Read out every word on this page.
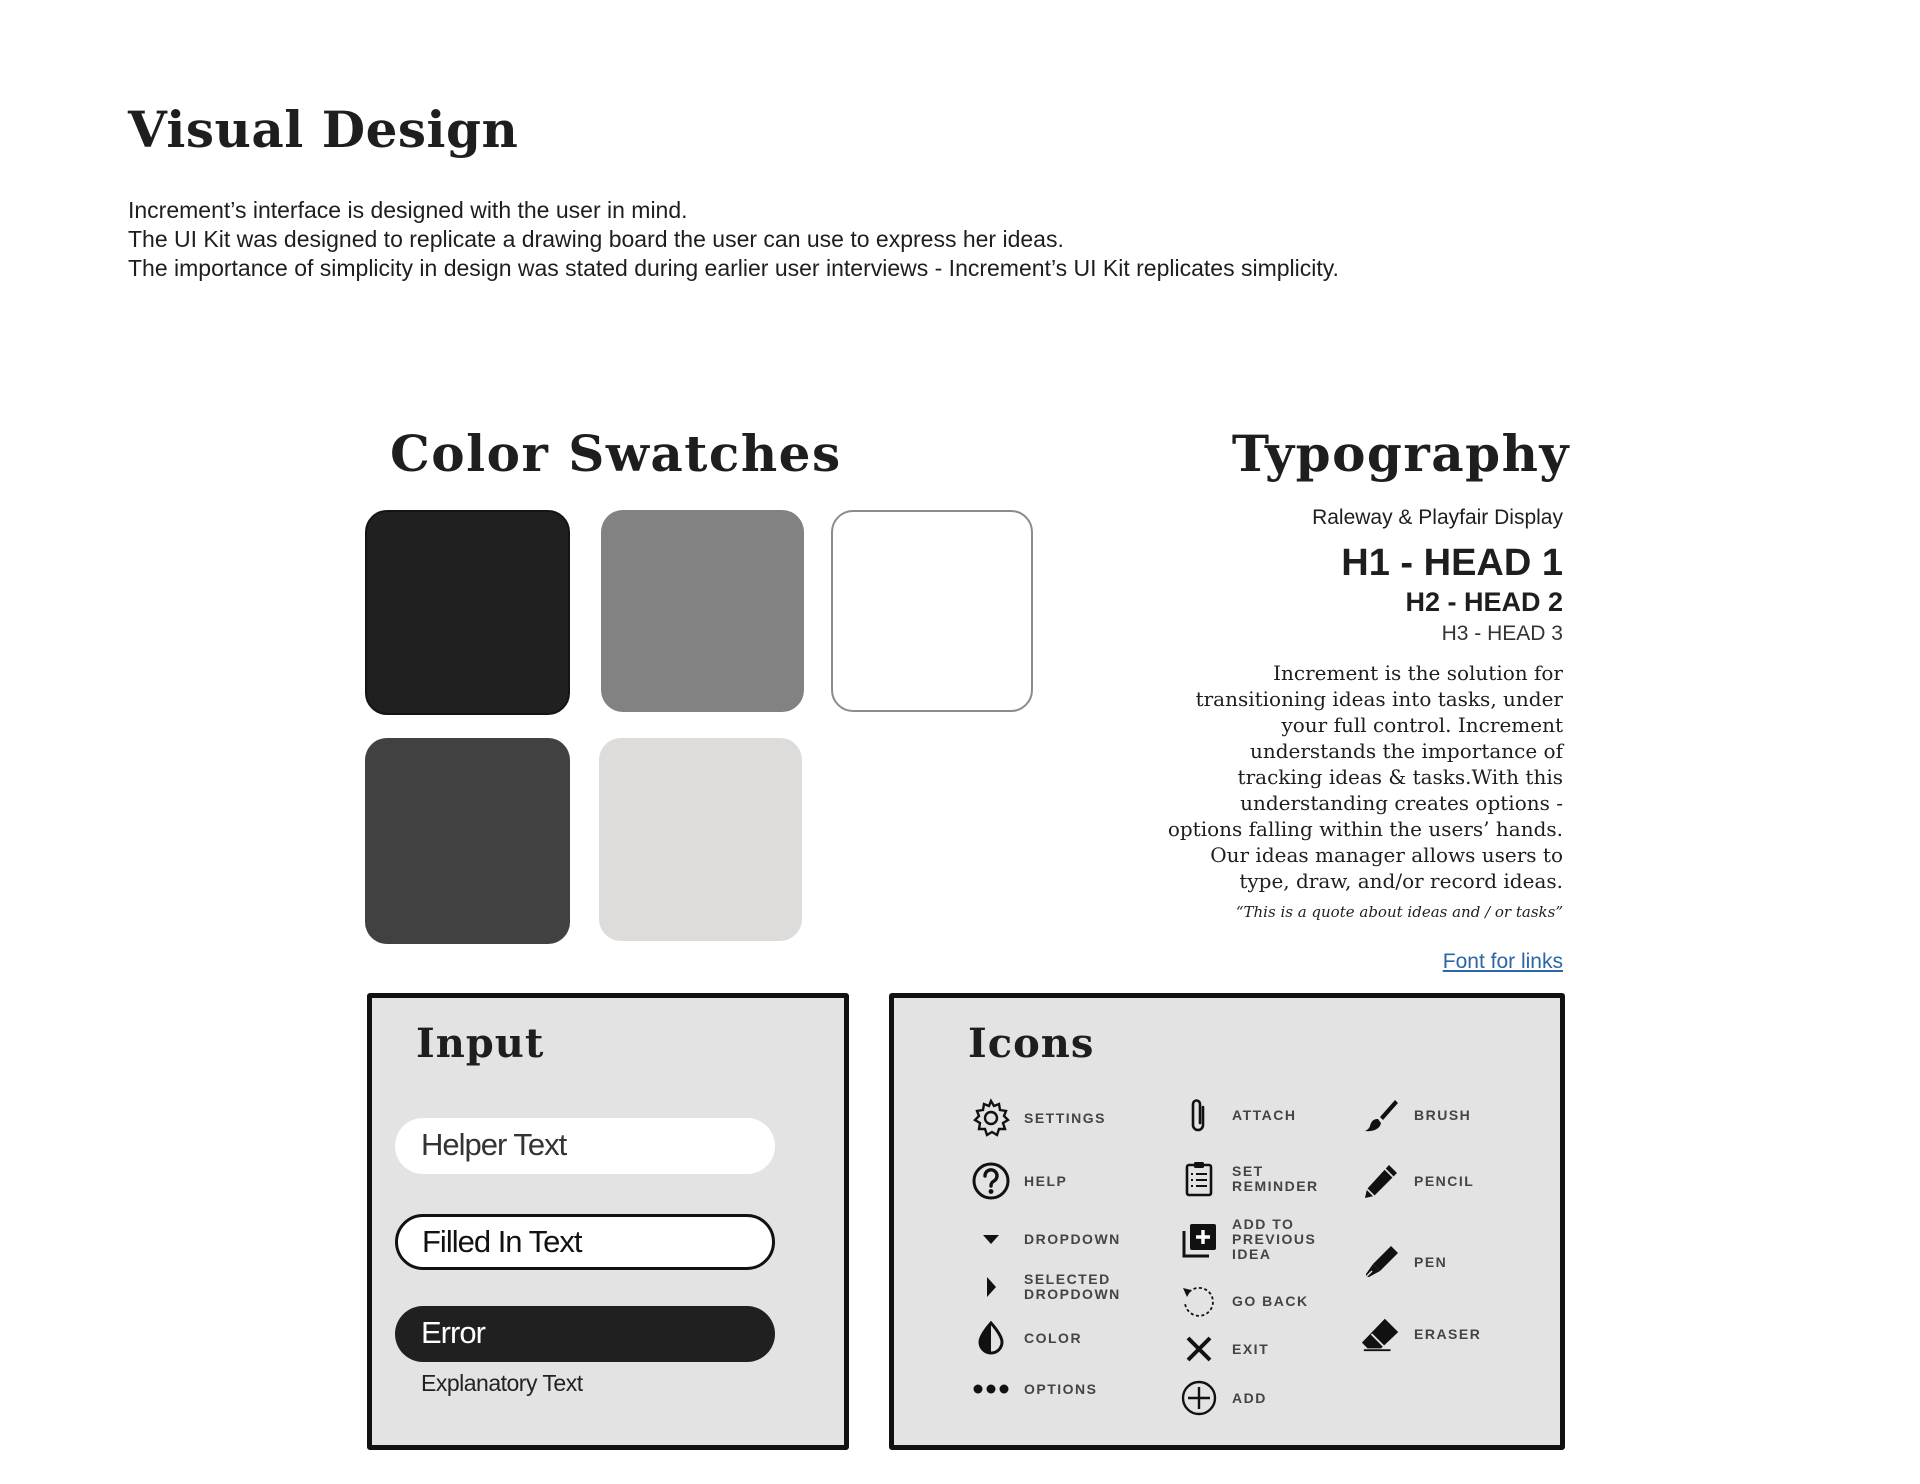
Visual Design
Increment’s interface is designed with the user in mind.
The UI Kit was designed to replicate a drawing board the user can use to express her ideas.
The importance of simplicity in design was stated during earlier user interviews - Increment’s UI Kit replicates simplicity.
Color Swatches	Typography
Raleway & Playfair Display
H1 - HEAD 1
H2 - HEAD 2
H3 - HEAD 3

Increment is the solution for transitioning ideas into tasks, under your full control. Increment understands the importance of tracking ideas & tasks.With this understanding creates options - options falling within the users’ hands. Our ideas manager allows users to type, draw, and/or record ideas.

“This is a quote about ideas and / or tasks”
Font for links
Input
Helper Text
Filled In Text
Error
Explanatory Text
Icons
SETTINGS
HELP
DROPDOWN
SELECTED
DROPDOWN
COLOR
OPTIONS
ATTACH
SET
REMINDER
ADD TO
PREVIOUS
IDEA
GO BACK
EXIT
ADD
BRUSH
PENCIL
PEN
ERASER
